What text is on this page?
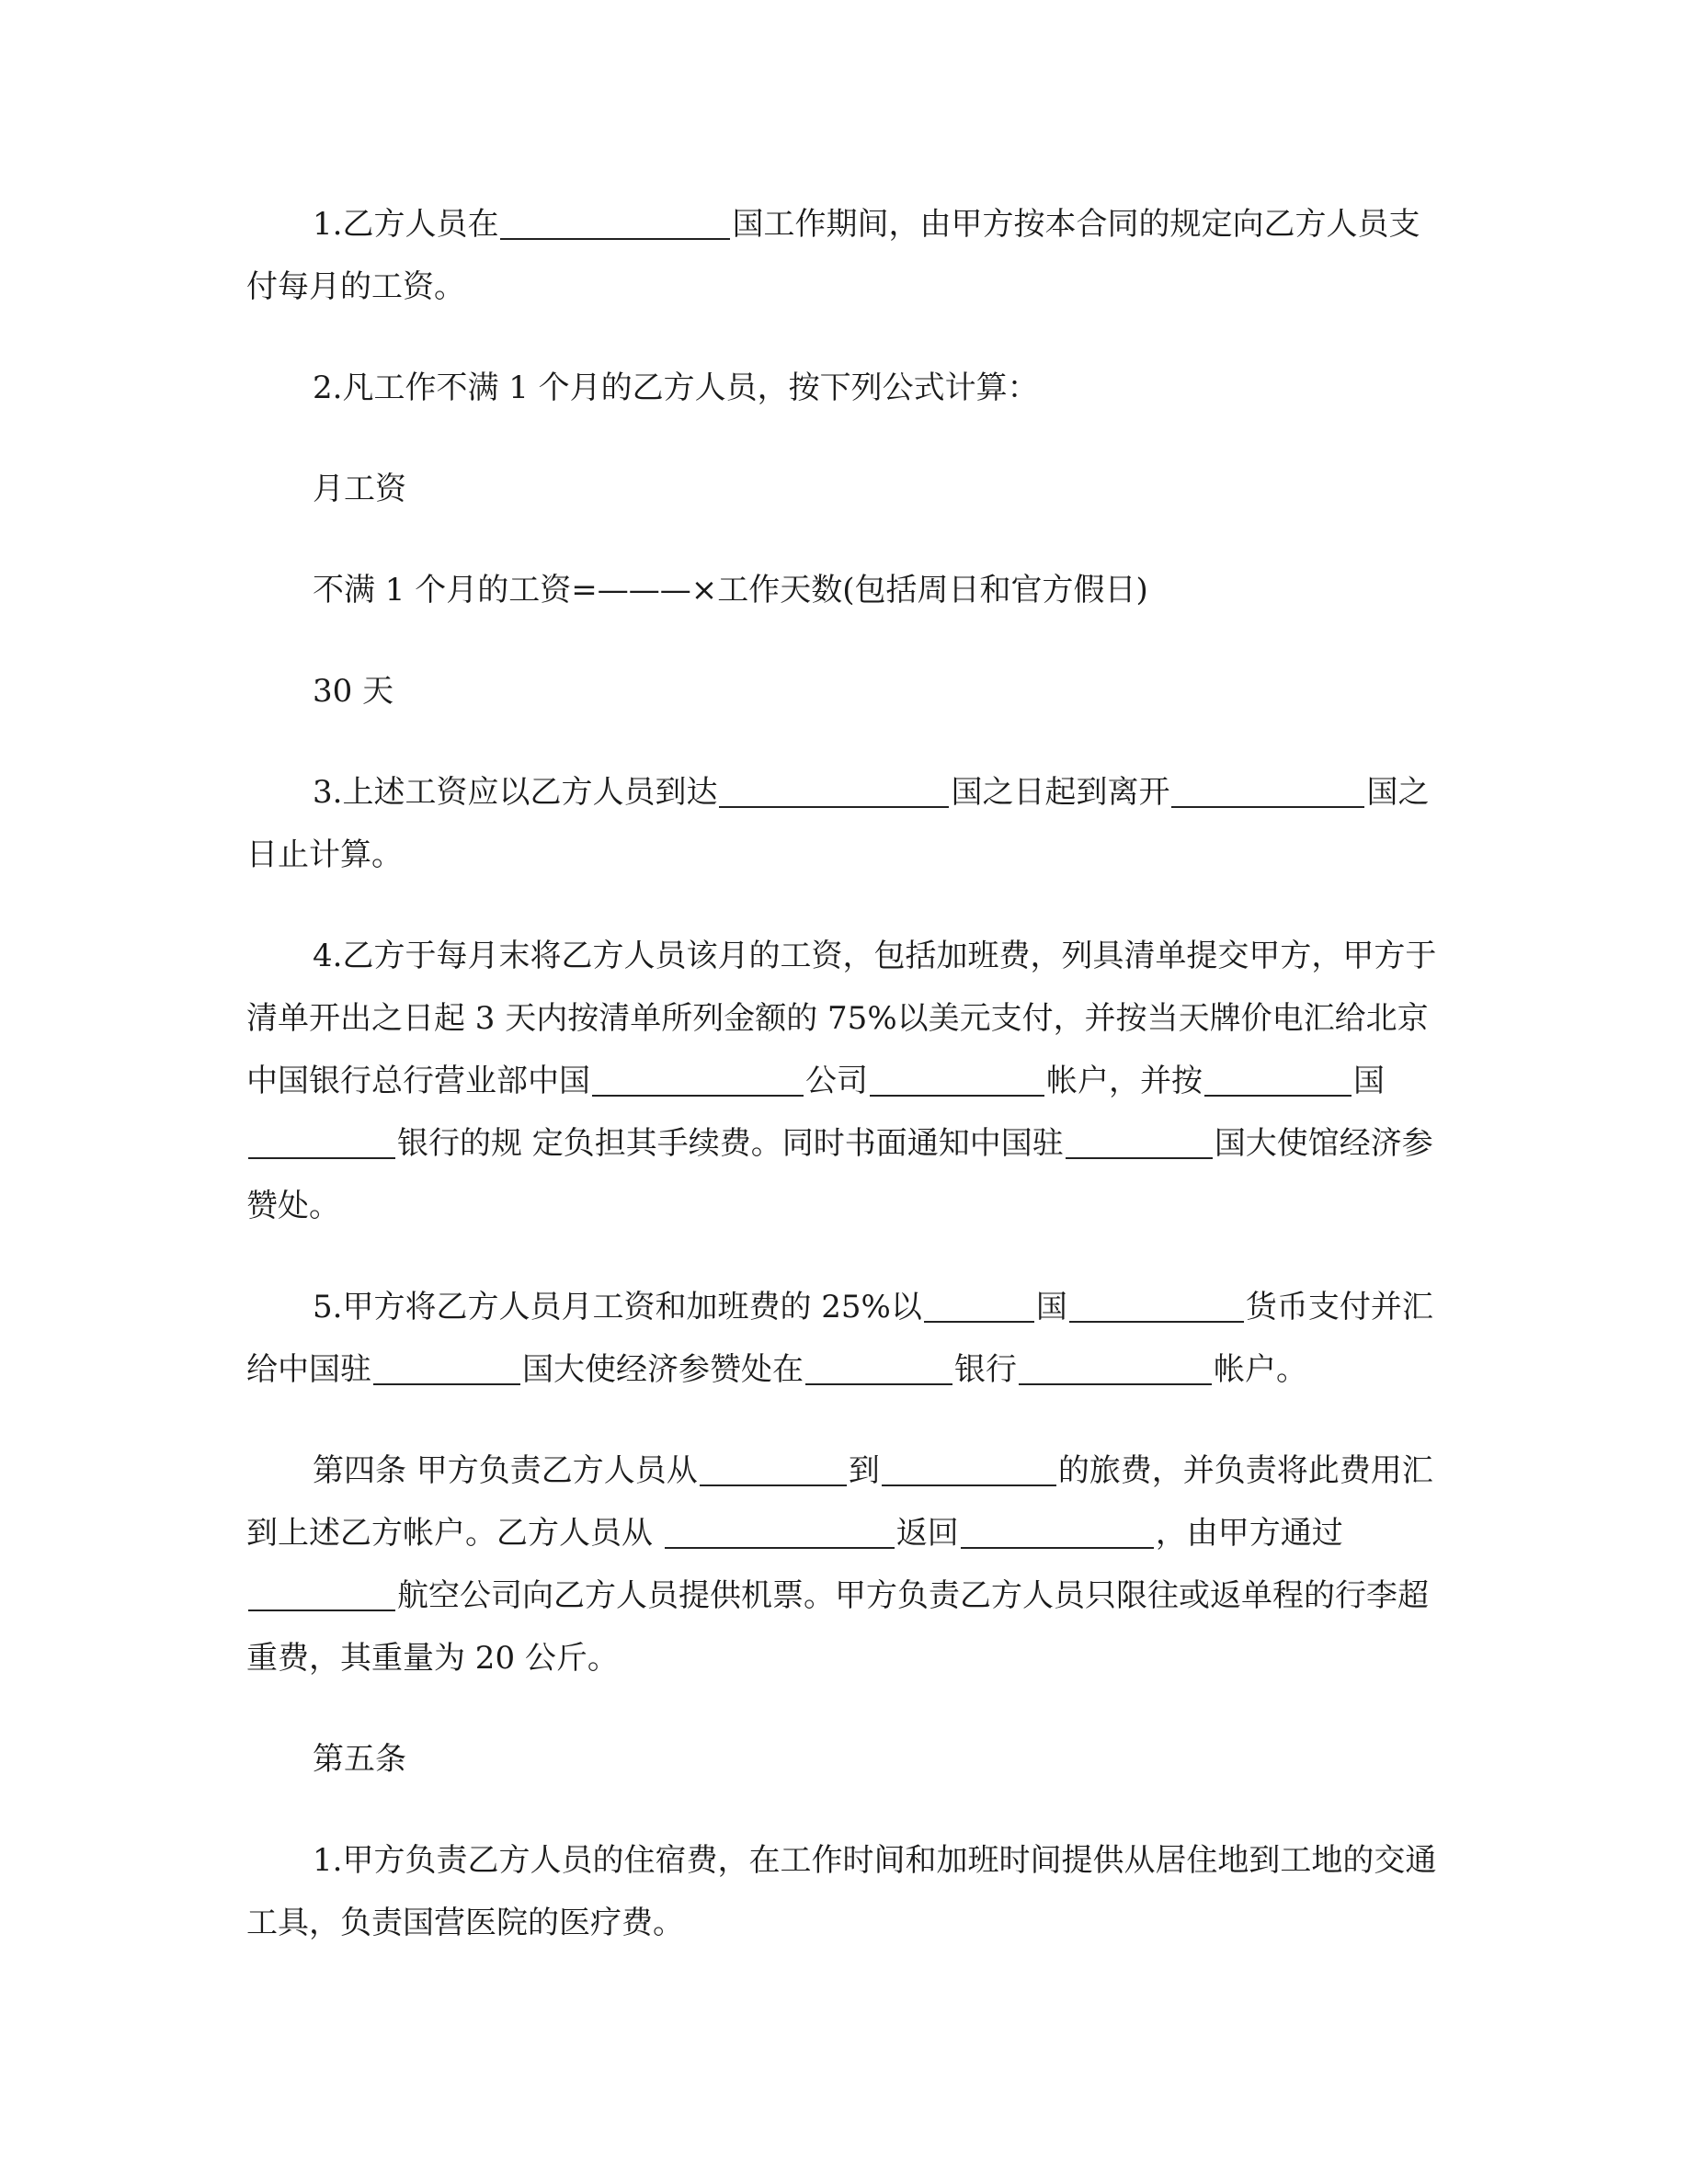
1.乙方人员在	国工作期间，由甲方按本合同的规定向乙方人员支付每月的工资。

2.凡工作不满 1 个月的乙方人员，按下列公式计算：

月工资

不满 1 个月的工资=———×工作天数(包括周日和官方假日)

30 天

3.上述工资应以乙方人员到达	国之日起到离开	国之日止计算。

4.乙方于每月末将乙方人员该月的工资，包括加班费，列具清单提交甲方，甲方于清单开出之日起 3 天内按清单所列金额的 75%以美元支付，并按当天牌价电汇给北京中国银行总行营业部中国	公司	帐户，并按	国银行的规 定负担其手续费。同时书面通知中国驻	国大使馆经济参赞处。

5.甲方将乙方人员月工资和加班费的 25%以	国	货币支付并汇给中国驻	国大使经济参赞处在	银行	帐户。

第四条 甲方负责乙方人员从	到	的旅费，并负责将此费用汇到上述乙方帐户。乙方人员从	返回	，由甲方通过航空公司向乙方人员提供机票。甲方负责乙方人员只限往或返单程的行李超重费，其重量为 20 公斤。

第五条

1.甲方负责乙方人员的住宿费，在工作时间和加班时间提供从居住地到工地的交通工具，负责国营医院的医疗费。
